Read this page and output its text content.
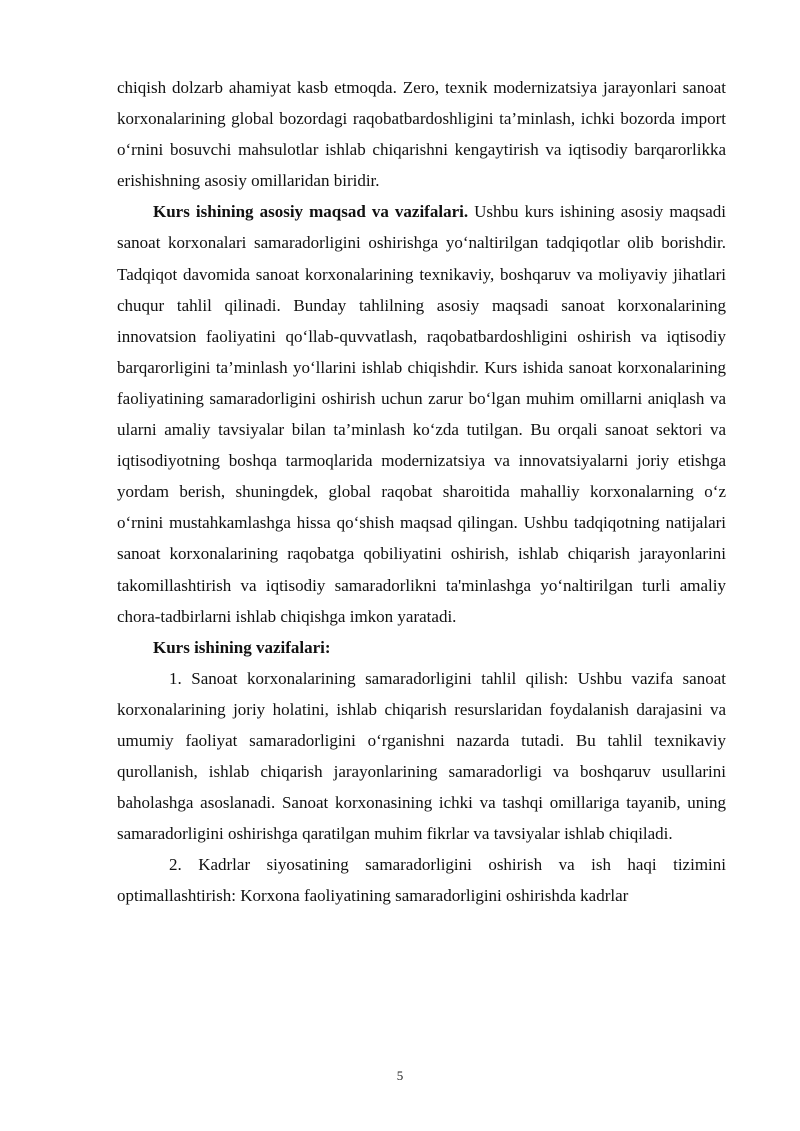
chiqish dolzarb ahamiyat kasb etmoqda. Zero, texnik modernizatsiya jarayonlari sanoat korxonalarining global bozordagi raqobatbardoshligini ta’minlash, ichki bozorda import o‘rnini bosuvchi mahsulotlar ishlab chiqarishni kengaytirish va iqtisodiy barqarorlikka erishishning asosiy omillaridan biridir.

Kurs ishining asosiy maqsad va vazifalari. Ushbu kurs ishining asosiy maqsadi sanoat korxonalari samaradorligini oshirishga yo‘naltirilgan tadqiqotlar olib borishdir. Tadqiqot davomida sanoat korxonalarining texnikaviy, boshqaruv va moliyaviy jihatlari chuqur tahlil qilinadi. Bunday tahlilning asosiy maqsadi sanoat korxonalarining innovatsion faoliyatini qo‘llab-quvvatlash, raqobatbardoshligini oshirish va iqtisodiy barqarorligini ta’minlash yo‘llarini ishlab chiqishdir. Kurs ishida sanoat korxonalarining faoliyatining samaradorligini oshirish uchun zarur bo‘lgan muhim omillarni aniqlash va ularni amaliy tavsiyalar bilan ta’minlash ko‘zda tutilgan. Bu orqali sanoat sektori va iqtisodiyotning boshqa tarmoqlarida modernizatsiya va innovatsiyalarni joriy etishga yordam berish, shuningdek, global raqobat sharoitida mahalliy korxonalarning o‘z o‘rnini mustahkamlashga hissa qo‘shish maqsad qilingan. Ushbu tadqiqotning natijalari sanoat korxonalarining raqobatga qobiliyatini oshirish, ishlab chiqarish jarayonlarini takomillashtirish va iqtisodiy samaradorlikni ta'minlashga yo‘naltirilgan turli amaliy chora-tadbirlarni ishlab chiqishga imkon yaratadi.

Kurs ishining vazifalari:

1. Sanoat korxonalarining samaradorligini tahlil qilish: Ushbu vazifa sanoat korxonalarining joriy holatini, ishlab chiqarish resurslaridan foydalanish darajasini va umumiy faoliyat samaradorligini o‘rganishni nazarda tutadi. Bu tahlil texnikaviy qurollanish, ishlab chiqarish jarayonlarining samaradorligi va boshqaruv usullarini baholashga asoslanadi. Sanoat korxonasining ichki va tashqi omillariga tayanib, uning samaradorligini oshirishga qaratilgan muhim fikrlar va tavsiyalar ishlab chiqiladi.

2. Kadrlar siyosatining samaradorligini oshirish va ish haqi tizimini optimallashtirish: Korxona faoliyatining samaradorligini oshirishda kadrlar

5
